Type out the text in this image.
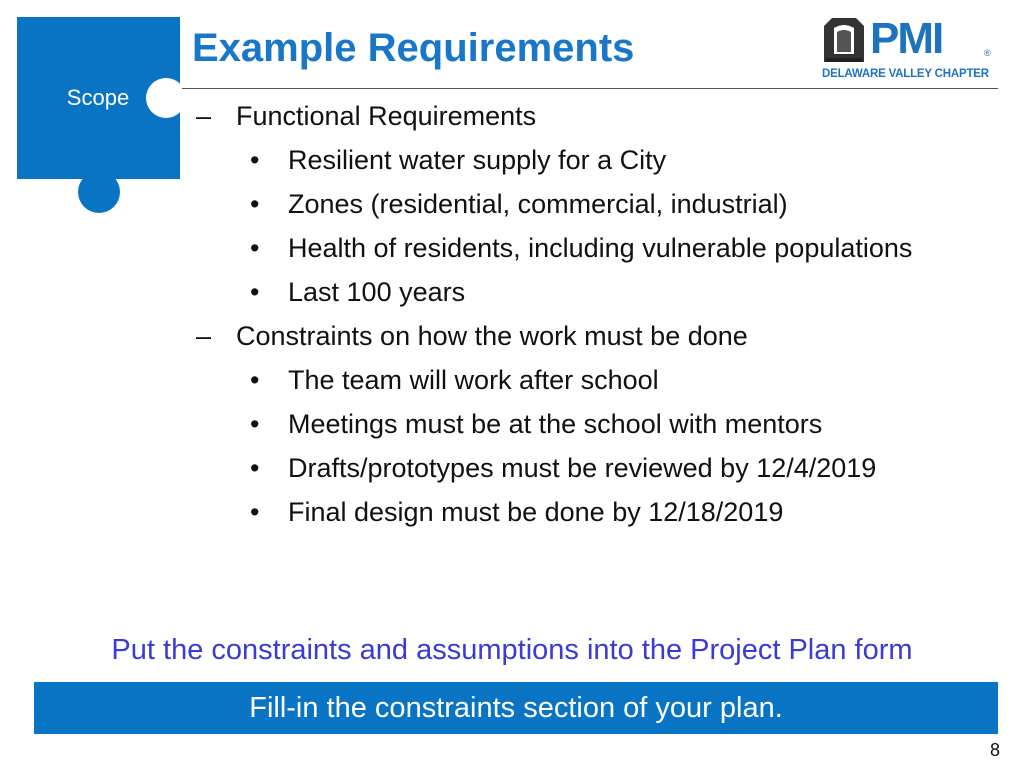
Scope
Example Requirements	PMI	®
DELAWARE VALLEY CHAPTER
– Functional Requirements
•	Resilient water supply for a City
•	Zones (residential, commercial, industrial)
•	Health of residents, including vulnerable populations
•	Last 100 years
– Constraints on how the work must be done
•	The team will work after school
•	Meetings must be at the school with mentors
•	Drafts/prototypes must be reviewed by 12/4/2019
•	Final design must be done by 12/18/2019
Put the constraints and assumptions into the Project Plan form
Fill-in the constraints section of your plan.
8
